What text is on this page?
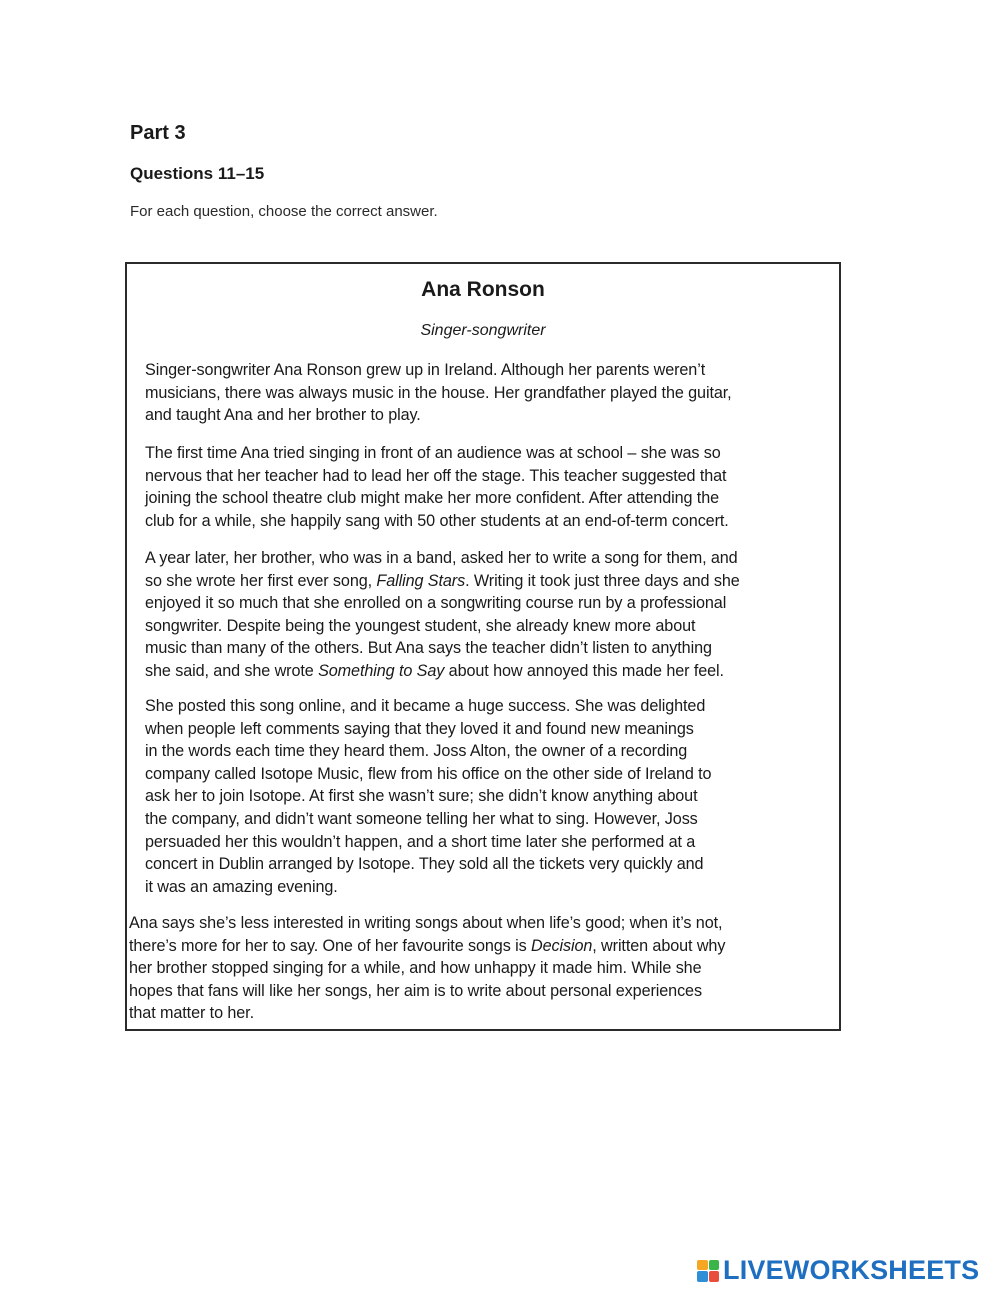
Part 3
Questions 11–15

For each question, choose the correct answer.

Ana Ronson

Singer-songwriter

Singer-songwriter Ana Ronson grew up in Ireland. Although her parents weren’t
musicians, there was always music in the house. Her grandfather played the guitar,
and taught Ana and her brother to play.

The first time Ana tried singing in front of an audience was at school – she was so
nervous that her teacher had to lead her off the stage. This teacher suggested that
joining the school theatre club might make her more confident. After attending the
club for a while, she happily sang with 50 other students at an end-of-term concert.

A year later, her brother, who was in a band, asked her to write a song for them, and
so she wrote her first ever song, Falling Stars. Writing it took just three days and she
enjoyed it so much that she enrolled on a songwriting course run by a professional
songwriter. Despite being the youngest student, she already knew more about
music than many of the others. But Ana says the teacher didn’t listen to anything
she said, and she wrote Something to Say about how annoyed this made her feel.

She posted this song online, and it became a huge success. She was delighted
when people left comments saying that they loved it and found new meanings
in the words each time they heard them. Joss Alton, the owner of a recording
company called Isotope Music, flew from his office on the other side of Ireland to
ask her to join Isotope. At first she wasn’t sure; she didn’t know anything about
the company, and didn’t want someone telling her what to sing. However, Joss
persuaded her this wouldn’t happen, and a short time later she performed at a
concert in Dublin arranged by Isotope. They sold all the tickets very quickly and
it was an amazing evening.

Ana says she’s less interested in writing songs about when life’s good; when it’s not,
there’s more for her to say. One of her favourite songs is Decision, written about why
her brother stopped singing for a while, and how unhappy it made him. While she
hopes that fans will like her songs, her aim is to write about personal experiences
that matter to her.

LIVEWORKSHEETS
